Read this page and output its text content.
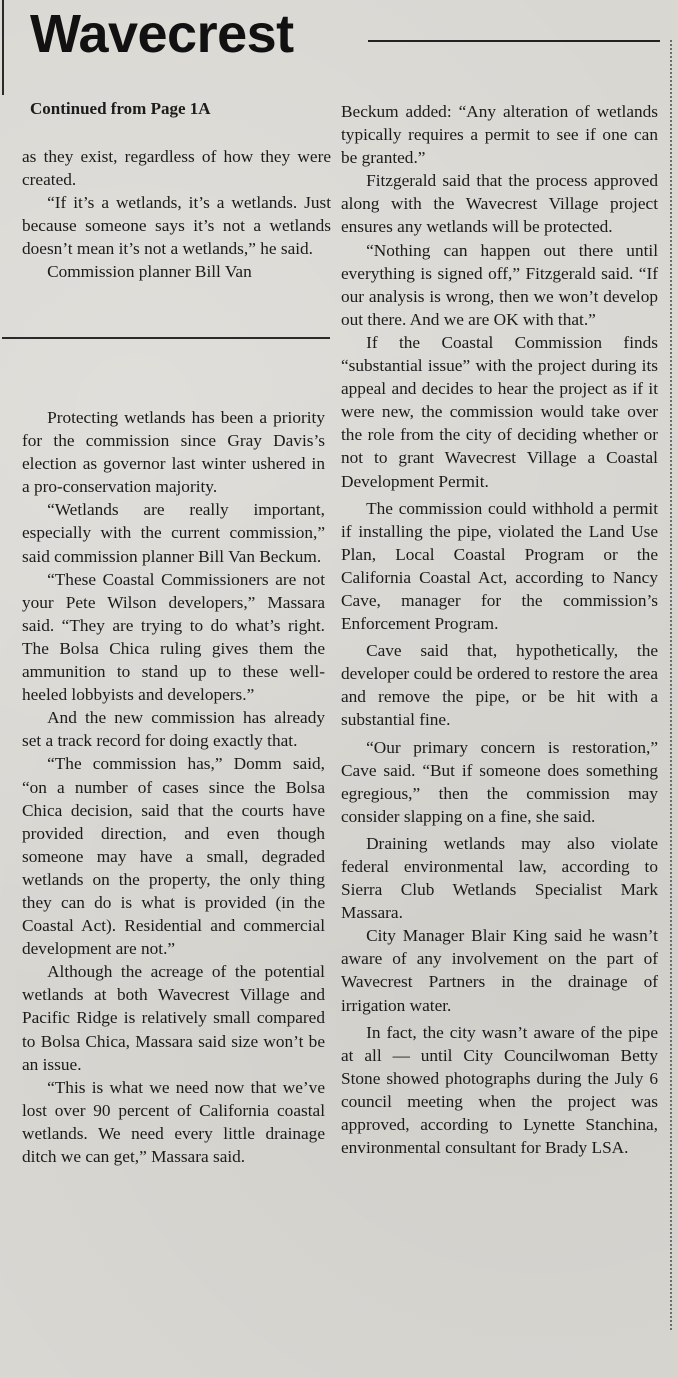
Wavecrest
Continued from Page 1A

as they exist, regardless of how they were created.

“If it’s a wetlands, it’s a wetlands. Just because someone says it’s not a wetlands doesn’t mean it’s not a wetlands,” he said.

Commission planner Bill Van

Protecting wetlands has been a priority for the commission since Gray Davis’s election as governor last winter ushered in a pro-conservation majority.

“Wetlands are really important, especially with the current commission,” said commission planner Bill Van Beckum.

“These Coastal Commissioners are not your Pete Wilson developers,” Massara said. “They are trying to do what’s right. The Bolsa Chica ruling gives them the ammunition to stand up to these well-heeled lobbyists and developers.”

And the new commission has already set a track record for doing exactly that.

“The commission has,” Domm said, “on a number of cases since the Bolsa Chica decision, said that the courts have provided direction, and even though someone may have a small, degraded wetlands on the property, the only thing they can do is what is provided (in the Coastal Act). Residential and commercial development are not.”

Although the acreage of the potential wetlands at both Wavecrest Village and Pacific Ridge is relatively small compared to Bolsa Chica, Massara said size won’t be an issue.

“This is what we need now that we’ve lost over 90 percent of California coastal wetlands. We need every little drainage ditch we can get,” Massara said.

Beckum added: “Any alteration of wetlands typically requires a permit to see if one can be granted.”

Fitzgerald said that the process approved along with the Wavecrest Village project ensures any wetlands will be protected.

“Nothing can happen out there until everything is signed off,” Fitzgerald said. “If our analysis is wrong, then we won’t develop out there. And we are OK with that.”

If the Coastal Commission finds “substantial issue” with the project during its appeal and decides to hear the project as if it were new, the commission would take over the role from the city of deciding whether or not to grant Wavecrest Village a Coastal Development Permit.

The commission could withhold a permit if installing the pipe, violated the Land Use Plan, Local Coastal Program or the California Coastal Act, according to Nancy Cave, manager for the commission’s Enforcement Program.

Cave said that, hypothetically, the developer could be ordered to restore the area and remove the pipe, or be hit with a substantial fine.

“Our primary concern is restoration,” Cave said. “But if someone does something egregious,” then the commission may consider slapping on a fine, she said.

Draining wetlands may also violate federal environmental law, according to Sierra Club Wetlands Specialist Mark Massara.

City Manager Blair King said he wasn’t aware of any involvement on the part of Wavecrest Partners in the drainage of irrigation water.

In fact, the city wasn’t aware of the pipe at all — until City Councilwoman Betty Stone showed photographs during the July 6 council meeting when the project was approved, according to Lynette Stanchina, environmental consultant for Brady LSA.
